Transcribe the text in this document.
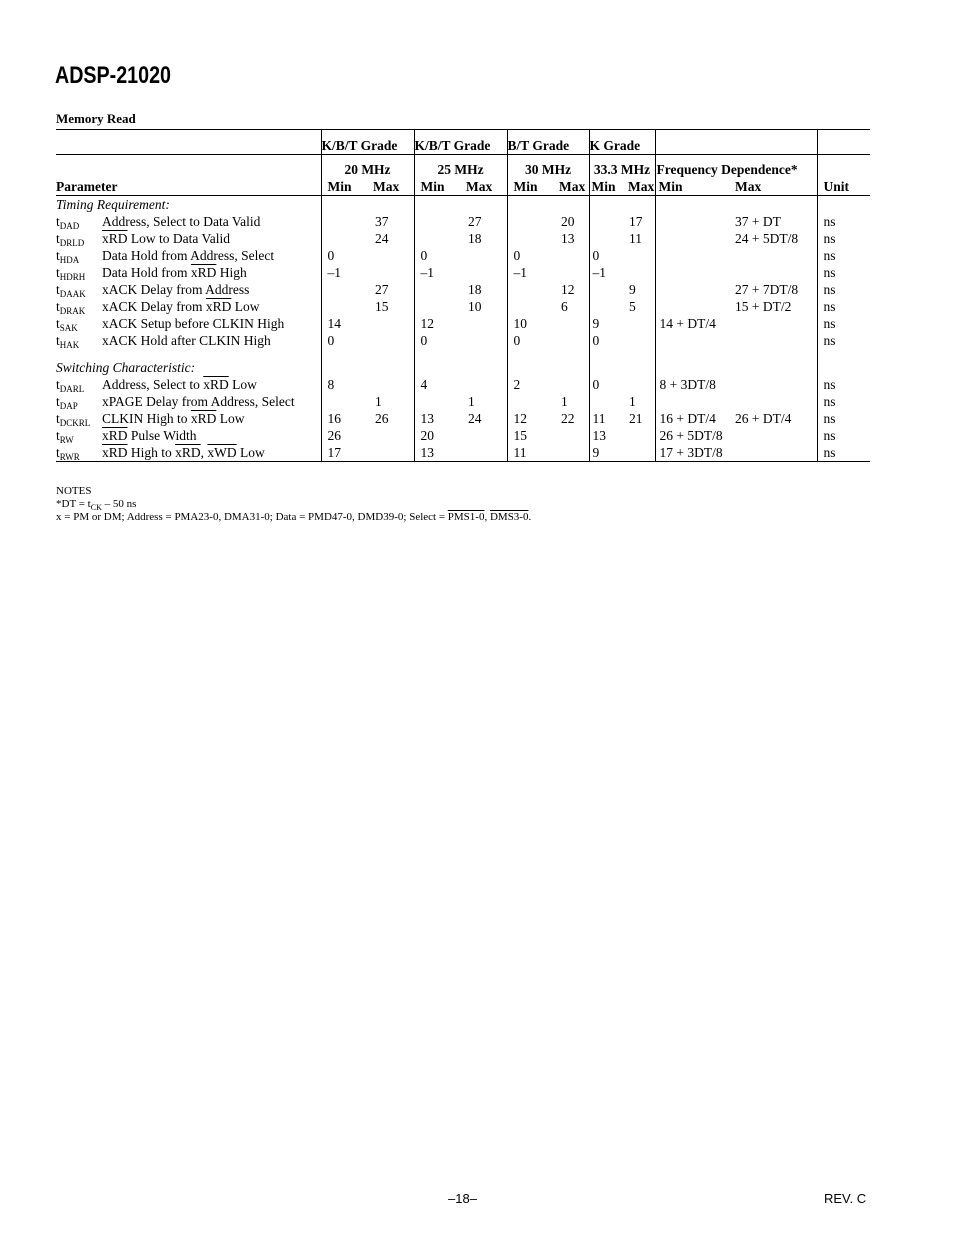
ADSP-21020
Memory Read
		K/B/T Grade		K/B/T Grade		B/T Grade		K Grade				
		20 MHz		25 MHz		30 MHz		33.3 MHz		Frequency Dependence*		
Parameter		Min	Max	Min	Max	Min	Max	Min	Max	Min	Max	Unit
Timing Requirement:												
$t_{DAD}$	Address, Select to Data Valid		37		27		20		17		37 + DT	ns
$t_{DRLD}$	$\overline{xRD}$ Low to Data Valid		24		18		13		11		24 + 5DT/8	ns
$t_{HDA}$	Data Hold from Address, Select	0		0		0		0				ns
$t_{HDRH}$	Data Hold from $\overline{xRD}$ High	–1		–1		–1		–1				ns
$t_{DAAK}$	xACK Delay from Address		27		18		12		9		27 + 7DT/8	ns
$t_{DRAK}$	xACK Delay from $\overline{xRD}$ Low		15		10		6		5		15 + DT/2	ns
$t_{SAK}$	xACK Setup before CLKIN High	14		12		10		9		14 + DT/4		ns
$t_{HAK}$	xACK Hold after CLKIN High	0		0		0		0				ns
Switching Characteristic:												
$t_{DARL}$	Address, Select to $\overline{xRD}$ Low	8		4		2		0		8 + 3DT/8		ns
$t_{DAP}$	xPAGE Delay from Address, Select		1		1		1		1			ns
$t_{DCKRL}$	CLKIN High to $\overline{xRD}$ Low	16	26	13	24	12	22	11	21	16 + DT/4	26 + DT/4	ns
$t_{RW}$	$\overline{xRD}$ Pulse Width	26		20		15		13		26 + 5DT/8		ns
$t_{RWR}$	$\overline{xRD}$ High to $\overline{xRD}$, $\overline{xWD}$ Low	17		13		11		9		17 + 3DT/8		ns
NOTES
$*DT = t_{CK} - 50$ ns
x = PM or DM; Address = PMA23-0, DMA31-0; Data = PMD47-0, DMD39-0; Select = PMS1-0, DMS3-0.
–18–	REV. C
